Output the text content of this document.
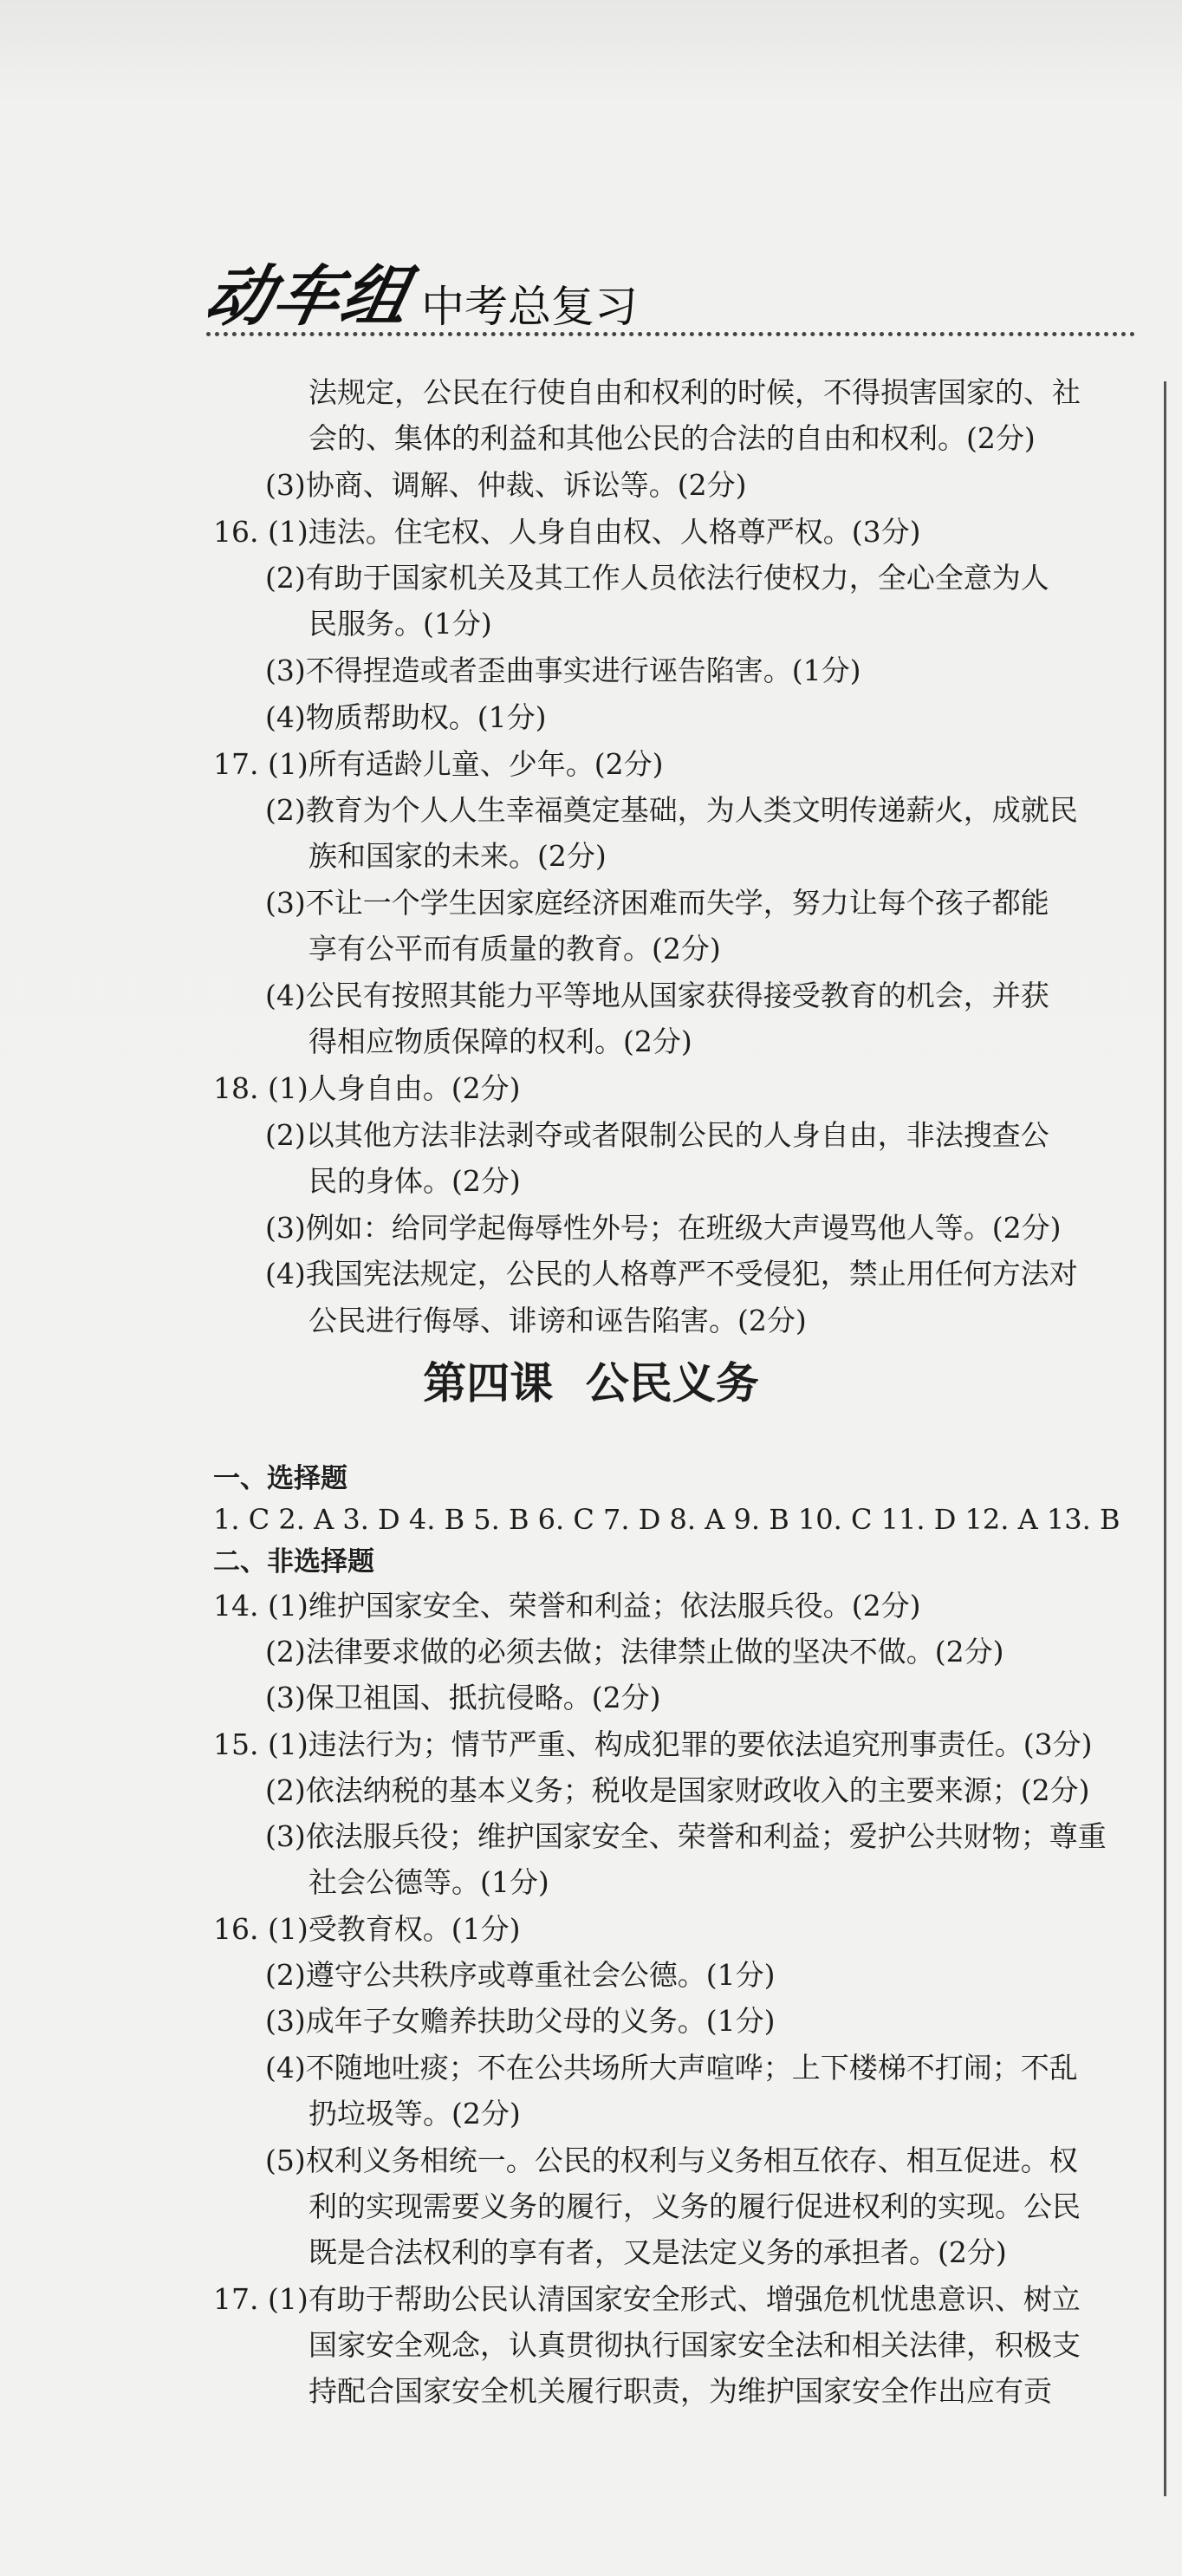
动车组 中考总复习
法规定，公民在行使自由和权利的时候，不得损害国家的、社
会的、集体的利益和其他公民的合法的自由和权利。(2分)
(3)协商、调解、仲裁、诉讼等。(2分)
16. (1)违法。住宅权、人身自由权、人格尊严权。(3分)
(2)有助于国家机关及其工作人员依法行使权力，全心全意为人
民服务。(1分)
(3)不得捏造或者歪曲事实进行诬告陷害。(1分)
(4)物质帮助权。(1分)
17. (1)所有适龄儿童、少年。(2分)
(2)教育为个人人生幸福奠定基础，为人类文明传递薪火，成就民
族和国家的未来。(2分)
(3)不让一个学生因家庭经济困难而失学，努力让每个孩子都能
享有公平而有质量的教育。(2分)
(4)公民有按照其能力平等地从国家获得接受教育的机会，并获
得相应物质保障的权利。(2分)
18. (1)人身自由。(2分)
(2)以其他方法非法剥夺或者限制公民的人身自由，非法搜查公
民的身体。(2分)
(3)例如：给同学起侮辱性外号；在班级大声谩骂他人等。(2分)
(4)我国宪法规定，公民的人格尊严不受侵犯，禁止用任何方法对
公民进行侮辱、诽谤和诬告陷害。(2分)
第四课 公民义务
一、选择题
1. C 2. A 3. D 4. B 5. B 6. C 7. D 8. A 9. B 10. C 11. D 12. A 13. B
二、非选择题
14. (1)维护国家安全、荣誉和利益；依法服兵役。(2分)
(2)法律要求做的必须去做；法律禁止做的坚决不做。(2分)
(3)保卫祖国、抵抗侵略。(2分)
15. (1)违法行为；情节严重、构成犯罪的要依法追究刑事责任。(3分)
(2)依法纳税的基本义务；税收是国家财政收入的主要来源；(2分)
(3)依法服兵役；维护国家安全、荣誉和利益；爱护公共财物；尊重
社会公德等。(1分)
16. (1)受教育权。(1分)
(2)遵守公共秩序或尊重社会公德。(1分)
(3)成年子女赡养扶助父母的义务。(1分)
(4)不随地吐痰；不在公共场所大声喧哗；上下楼梯不打闹；不乱
扔垃圾等。(2分)
(5)权利义务相统一。公民的权利与义务相互依存、相互促进。权
利的实现需要义务的履行，义务的履行促进权利的实现。公民
既是合法权利的享有者，又是法定义务的承担者。(2分)
17. (1)有助于帮助公民认清国家安全形式、增强危机忧患意识、树立
国家安全观念，认真贯彻执行国家安全法和相关法律，积极支
持配合国家安全机关履行职责，为维护国家安全作出应有贡
